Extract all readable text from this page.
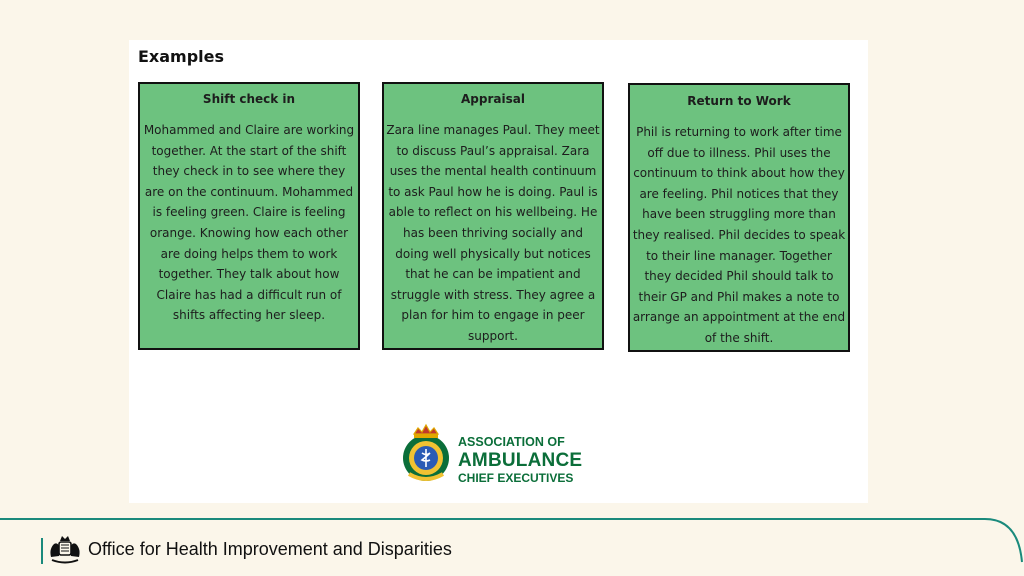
Examples
Shift check in
Mohammed and Claire are working together. At the start of the shift they check in to see where they are on the continuum. Mohammed is feeling green. Claire is feeling orange. Knowing how each other are doing helps them to work together. They talk about how Claire has had a difficult run of shifts affecting her sleep.
Appraisal
Zara line manages Paul. They meet to discuss Paul’s appraisal. Zara uses the mental health continuum to ask Paul how he is doing. Paul is able to reflect on his wellbeing. He has been thriving socially and doing well physically but notices that he can be impatient and struggle with stress. They agree a plan for him to engage in peer support.
Return to Work
Phil is returning to work after time off due to illness. Phil uses the continuum to think about how they are feeling. Phil notices that they have been struggling more than they realised. Phil decides to speak to their line manager. Together they decided Phil should talk to their GP and Phil makes a note to arrange an appointment at the end of the shift.
ASSOCIATION OF
AMBULANCE
CHIEF EXECUTIVES
Office for Health Improvement and Disparities
